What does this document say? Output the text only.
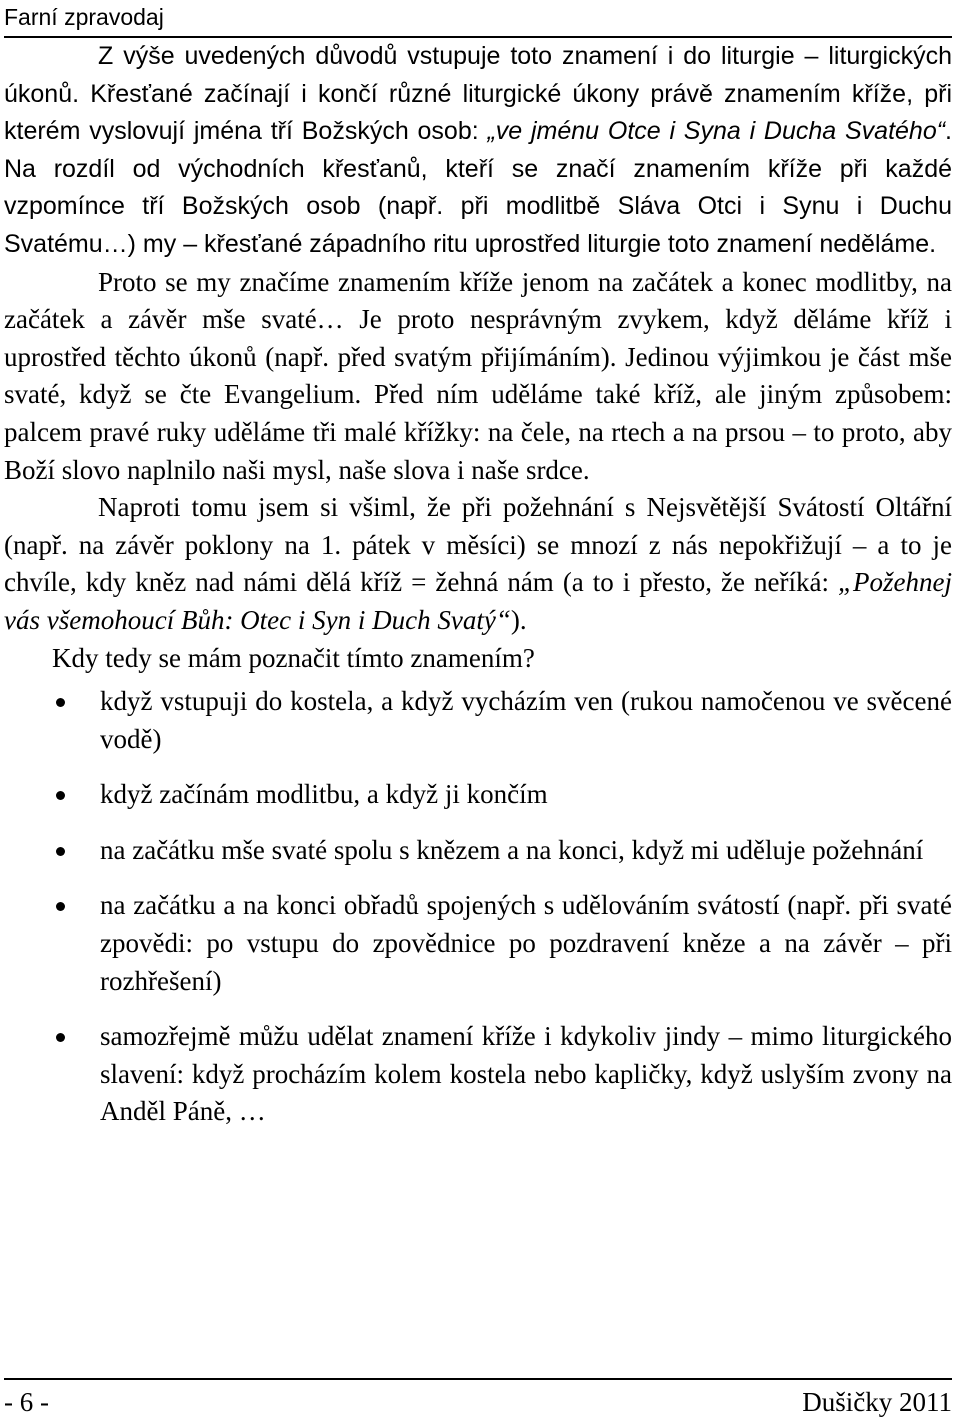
Farní zpravodaj

Z výše uvedených důvodů vstupuje toto znamení i do liturgie – liturgických úkonů. Křesťané začínají i končí různé liturgické úkony právě znamením kříže, při kterém vyslovují jména tří Božských osob: „ve jménu Otce i Syna i Ducha Svatého“. Na rozdíl od východních křesťanů, kteří se značí znamením kříže při každé vzpomínce tří Božských osob (např. při modlitbě Sláva Otci i Synu i Duchu Svatému…) my – křesťané západního ritu uprostřed liturgie toto znamení neděláme.

Proto se my značíme znamením kříže jenom na začátek a konec modlitby, na začátek a závěr mše svaté… Je proto nesprávným zvykem, když děláme kříž i uprostřed těchto úkonů (např. před svatým přijímáním). Jedinou výjimkou je část mše svaté, když se čte Evangelium. Před ním uděláme také kříž, ale jiným způsobem: palcem pravé ruky uděláme tři malé křížky: na čele, na rtech a na prsou – to proto, aby Boží slovo naplnilo naši mysl, naše slova i naše srdce.

Naproti tomu jsem si všiml, že při požehnání s Nejsvětější Svátostí Oltářní (např. na závěr poklony na 1. pátek v měsíci) se mnozí z nás nepokřižují – a to je chvíle, kdy kněz nad námi dělá kříž = žehná nám (a to i přesto, že neříká: „Požehnej vás všemohoucí Bůh: Otec i Syn i Duch Svatý“).

Kdy tedy se mám poznačit tímto znamením?

když vstupuji do kostela, a když vycházím ven (rukou namočenou ve svěcené vodě)
když začínám modlitbu, a když ji končím
na začátku mše svaté spolu s knězem a na konci, když mi uděluje požehnání
na začátku a na konci obřadů spojených s udělováním svátostí (např. při svaté zpovědi: po vstupu do zpovědnice po pozdravení kněze a na závěr – při rozhřešení)
samozřejmě můžu udělat znamení kříže i kdykoliv jindy – mimo liturgického slavení: když procházím kolem kostela nebo kapličky, když uslyším zvony na Anděl Páně, …
- 6 -	Dušičky 2011
